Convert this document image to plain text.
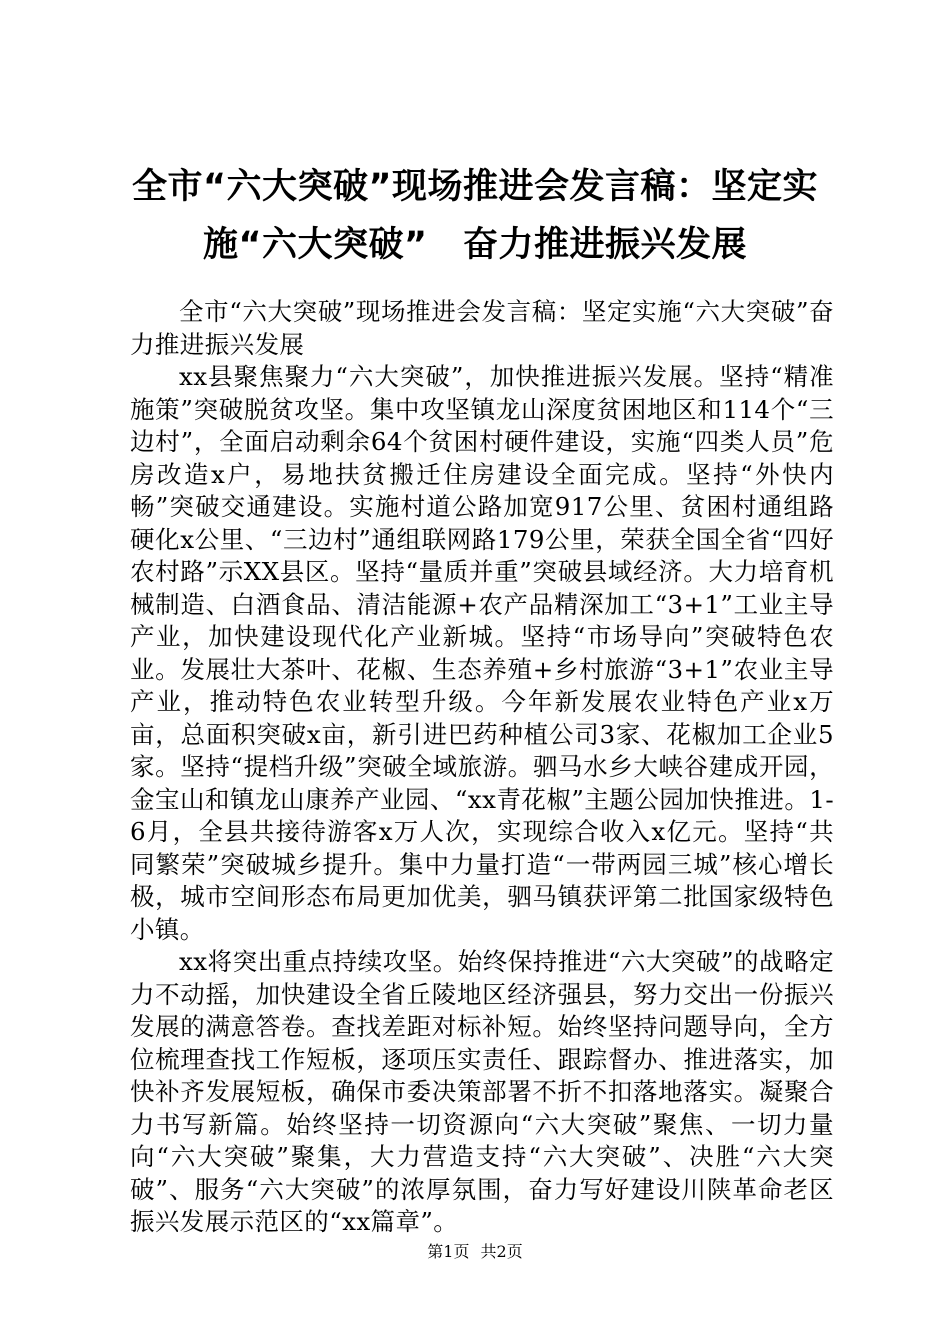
全市“六大突破”现场推进会发言稿：坚定实
施“六大突破”　奋力推进振兴发展

全市“六大突破”现场推进会发言稿：坚定实施“六大突破”奋力推进振兴发展

xx县聚焦聚力“六大突破”，加快推进振兴发展。坚持“精准施策”突破脱贫攻坚。集中攻坚镇龙山深度贫困地区和114个“三边村”，全面启动剩余64个贫困村硬件建设，实施“四类人员”危房改造x户，易地扶贫搬迁住房建设全面完成。坚持“外快内畅”突破交通建设。实施村道公路加宽917公里、贫困村通组路硬化x公里、“三边村”通组联网路179公里，荣获全国全省“四好农村路”示XX县区。坚持“量质并重”突破县域经济。大力培育机械制造、白酒食品、清洁能源+农产品精深加工“3+1”工业主导产业，加快建设现代化产业新城。坚持“市场导向”突破特色农业。发展壮大茶叶、花椒、生态养殖+乡村旅游“3+1”农业主导产业，推动特色农业转型升级。今年新发展农业特色产业x万亩，总面积突破x亩，新引进巴药种植公司3家、花椒加工企业5家。坚持“提档升级”突破全域旅游。驷马水乡大峡谷建成开园，金宝山和镇龙山康养产业园、“xx青花椒”主题公园加快推进。1-6月，全县共接待游客x万人次，实现综合收入x亿元。坚持“共同繁荣”突破城乡提升。集中力量打造“一带两园三城”核心增长极，城市空间形态布局更加优美，驷马镇获评第二批国家级特色小镇。

xx将突出重点持续攻坚。始终保持推进“六大突破”的战略定力不动摇，加快建设全省丘陵地区经济强县，努力交出一份振兴发展的满意答卷。查找差距对标补短。始终坚持问题导向，全方位梳理查找工作短板，逐项压实责任、跟踪督办、推进落实，加快补齐发展短板，确保市委决策部署不折不扣落地落实。凝聚合力书写新篇。始终坚持一切资源向“六大突破”聚焦、一切力量向“六大突破”聚集，大力营造支持“六大突破”、决胜“六大突破”、服务“六大突破”的浓厚氛围，奋力写好建设川陕革命老区振兴发展示范区的“xx篇章”。

第1页 共2页
